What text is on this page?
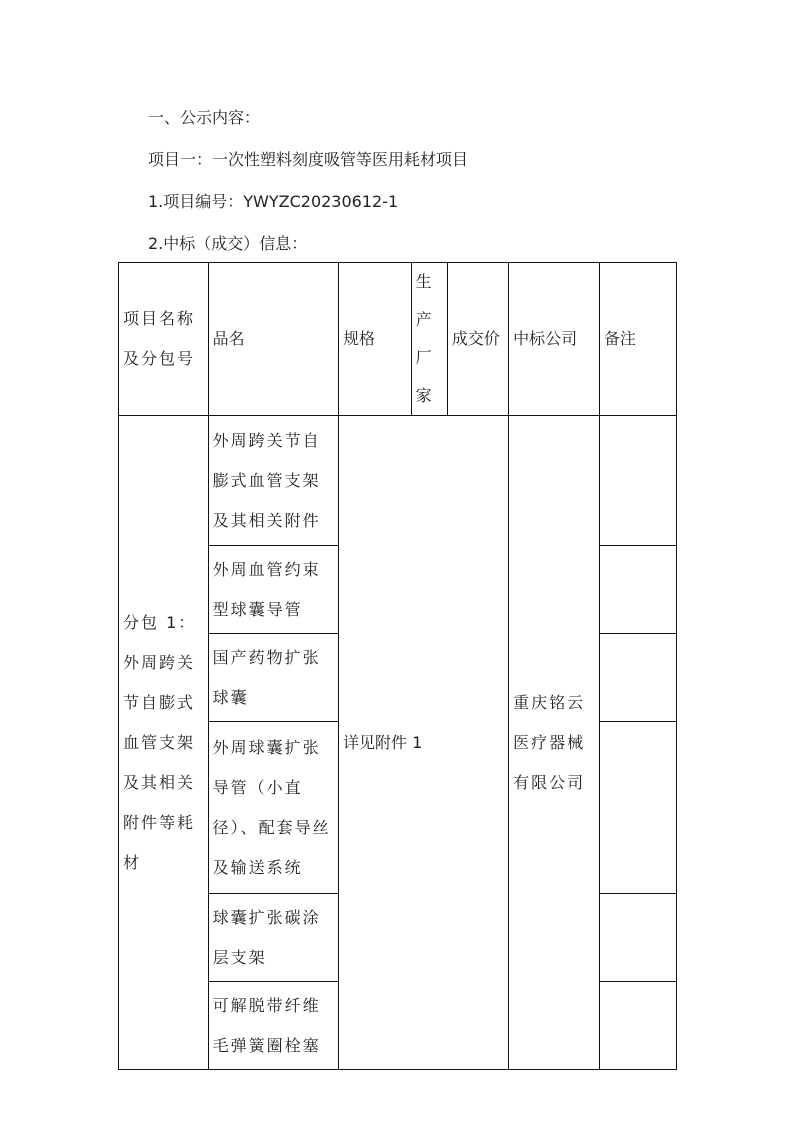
一、公示内容：
项目一：一次性塑料刻度吸管等医用耗材项目
1.项目编号：YWYZC20230612-1
2.中标（成交）信息：
项目名称及分包号	品名	规格	生产厂家	成交价	中标公司	备注
分包 1：外周跨关节自膨式血管支架及其相关附件等耗材	外周跨关节自膨式血管支架及其相关附件	详见附件 1			重庆铭云医疗器械有限公司	
	外周血管约束型球囊导管					
	国产药物扩张球囊					
	外周球囊扩张导管（小直径）、配套导丝及输送系统					
	球囊扩张碳涂层支架					
	可解脱带纤维毛弹簧圈栓塞					
